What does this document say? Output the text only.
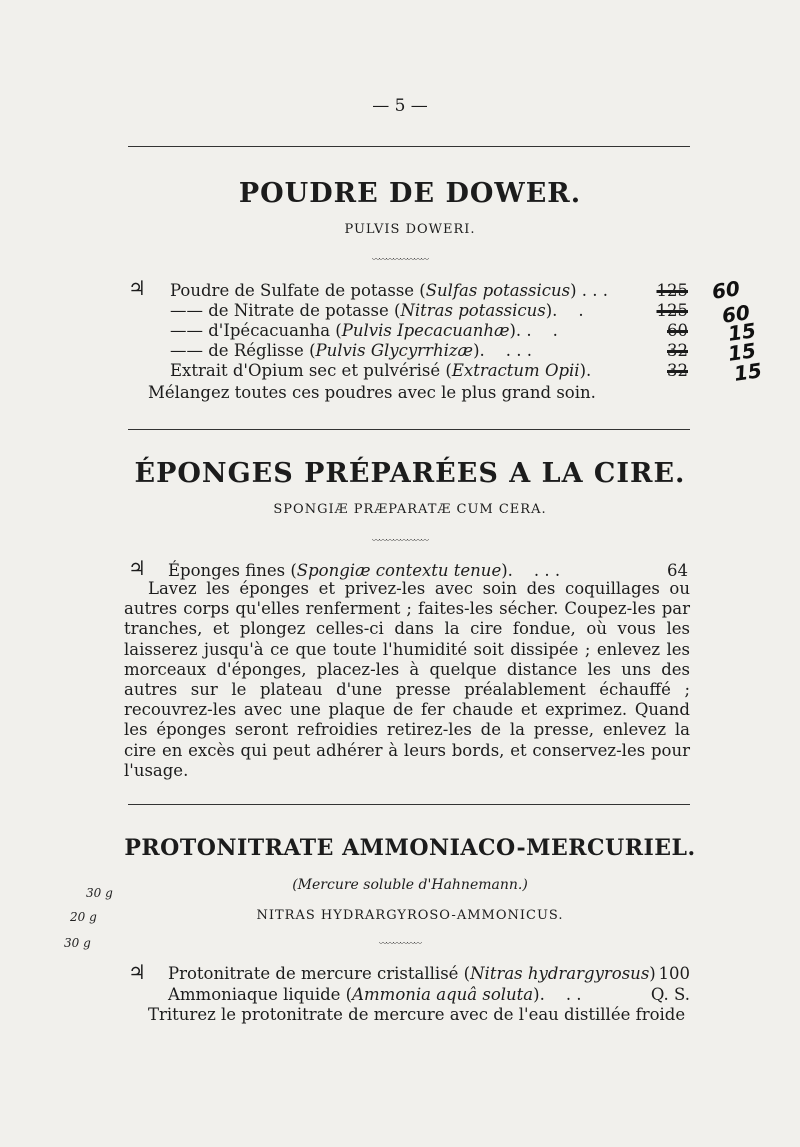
— 5 —
POUDRE DE DOWER.
PULVIS DOWERI.
〰〰〰〰〰〰〰〰
♃ Poudre de Sulfate de potasse (Sulfas potassicus) . . .	125 60
—— de Nitrate de potasse (Nitras potassicus). .	125 60
—— d'Ipécacuanha (Pulvis Ipecacuanhæ). . .	60 15
—— de Réglisse (Pulvis Glycyrrhizæ). . . .	32 15
Extrait d'Opium sec et pulvérisé (Extractum Opii).	32 15
Mélangez toutes ces poudres avec le plus grand soin.
ÉPONGES PRÉPARÉES A LA CIRE.
SPONGIÆ PRÆPARATÆ CUM CERA.
〰〰〰〰〰〰〰〰
♃ Éponges fines (Spongiæ contextu tenue). . . .	64
Lavez les éponges et privez-les avec soin des coquillages ou autres corps qu'elles renferment ; faites-les sécher. Coupez-les par tranches, et plongez celles-ci dans la cire fondue, où vous les laisserez jusqu'à ce que toute l'humidité soit dissipée ; enlevez les morceaux d'éponges, placez-les à quelque distance les uns des autres sur le plateau d'une presse préalablement échauffé ; recouvrez-les avec une plaque de fer chaude et exprimez. Quand les éponges seront refroidies retirez-les de la presse, enlevez la cire en excès qui peut adhérer à leurs bords, et conservez-les pour l'usage.
PROTONITRATE AMMONIACO-MERCURIEL.
(Mercure soluble d'Hahnemann.)
NITRAS HYDRARGYROSO-AMMONICUS.
〰〰〰〰〰〰
♃ Protonitrate de mercure cristallisé (Nitras hydrargyrosus) 100
Ammoniaque liquide (Ammonia aquâ soluta). . .	Q. S.
Triturez le protonitrate de mercure avec de l'eau distillée froide
30 g
20 g
30 g
